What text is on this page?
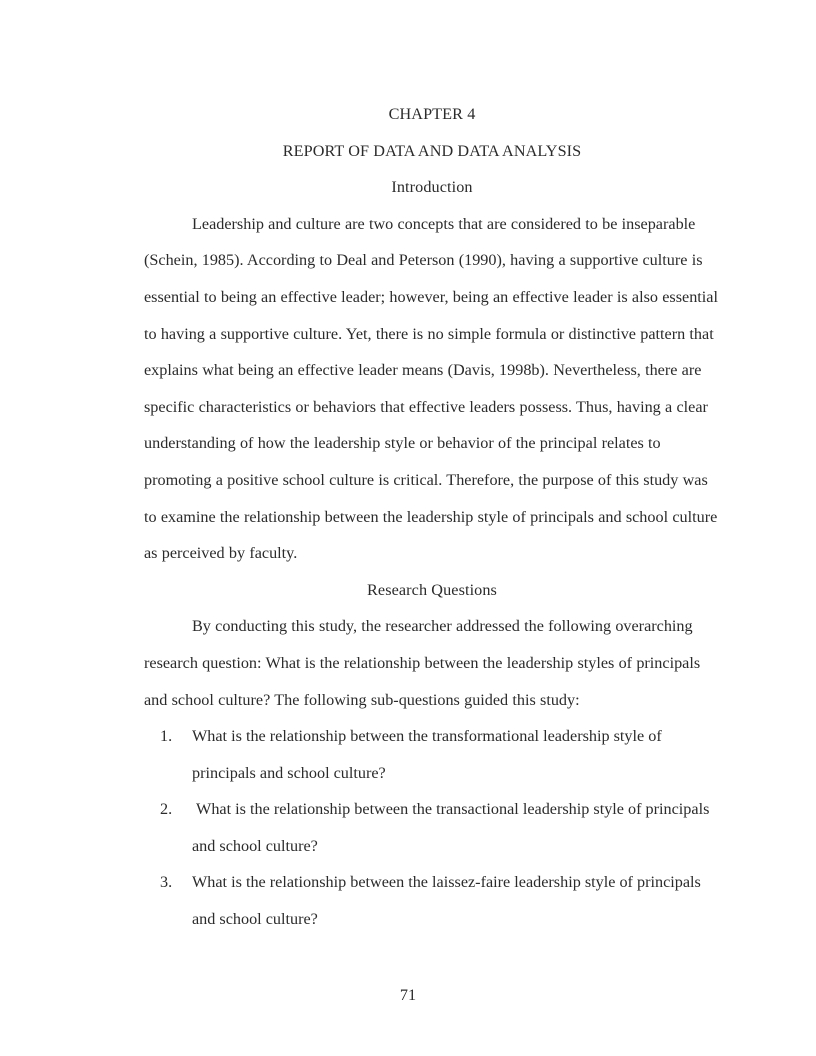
CHAPTER 4

REPORT OF DATA AND DATA ANALYSIS

Introduction

Leadership and culture are two concepts that are considered to be inseparable (Schein, 1985). According to Deal and Peterson (1990), having a supportive culture is essential to being an effective leader; however, being an effective leader is also essential to having a supportive culture. Yet, there is no simple formula or distinctive pattern that explains what being an effective leader means (Davis, 1998b). Nevertheless, there are specific characteristics or behaviors that effective leaders possess. Thus, having a clear understanding of how the leadership style or behavior of the principal relates to promoting a positive school culture is critical. Therefore, the purpose of this study was to examine the relationship between the leadership style of principals and school culture as perceived by faculty.

Research Questions

By conducting this study, the researcher addressed the following overarching research question: What is the relationship between the leadership styles of principals and school culture? The following sub-questions guided this study:

1.	What is the relationship between the transformational leadership style of principals and school culture?
2.	What is the relationship between the transactional leadership style of principals and school culture?
3.	What is the relationship between the laissez-faire leadership style of principals and school culture?
71
